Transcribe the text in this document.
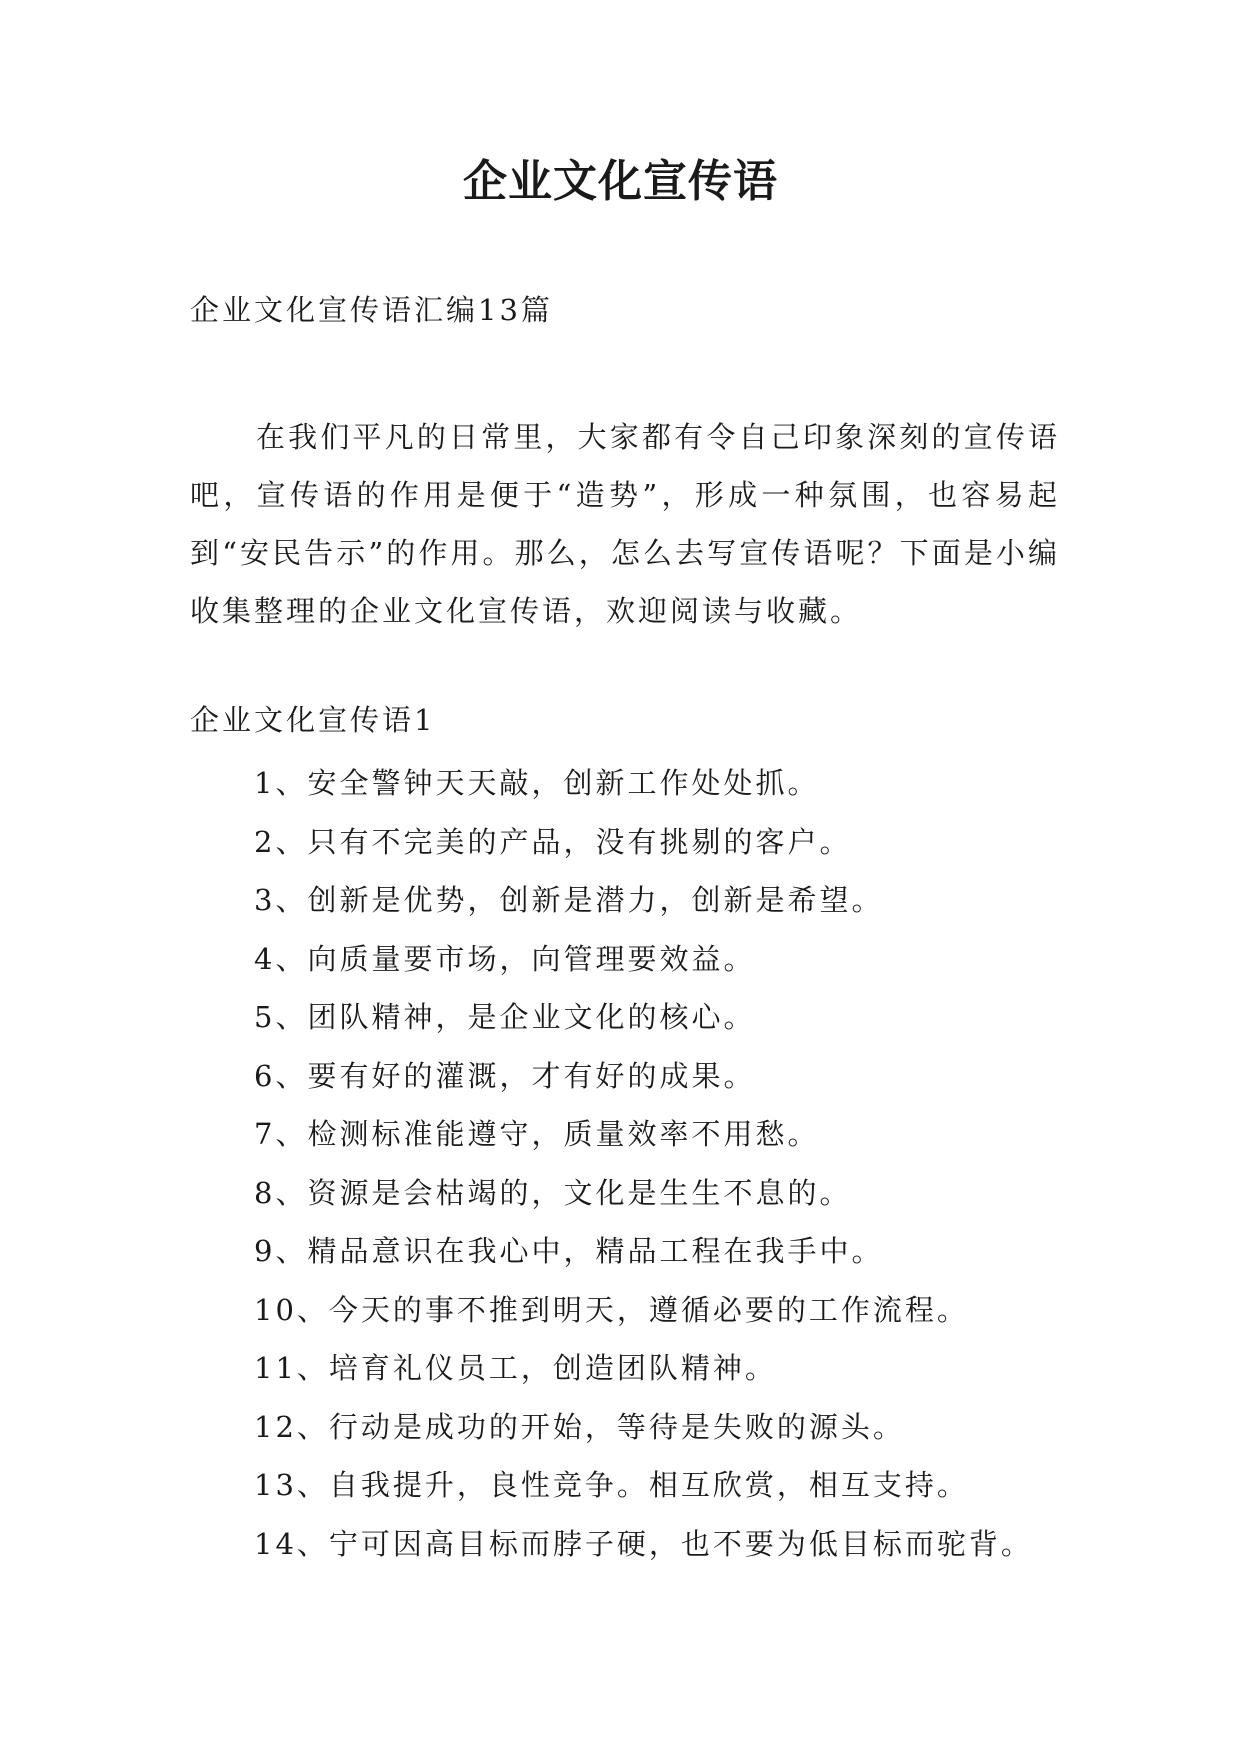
企业文化宣传语
企业文化宣传语汇编13篇

在我们平凡的日常里，大家都有令自己印象深刻的宣传语吧，宣传语的作用是便于“造势”，形成一种氛围，也容易起到“安民告示”的作用。那么，怎么去写宣传语呢？下面是小编收集整理的企业文化宣传语，欢迎阅读与收藏。

企业文化宣传语1
1、安全警钟天天敲，创新工作处处抓。
2、只有不完美的产品，没有挑剔的客户。
3、创新是优势，创新是潜力，创新是希望。
4、向质量要市场，向管理要效益。
5、团队精神，是企业文化的核心。
6、要有好的灌溉，才有好的成果。
7、检测标准能遵守，质量效率不用愁。
8、资源是会枯竭的，文化是生生不息的。
9、精品意识在我心中，精品工程在我手中。
10、今天的事不推到明天，遵循必要的工作流程。
11、培育礼仪员工，创造团队精神。
12、行动是成功的开始，等待是失败的源头。
13、自我提升，良性竞争。相互欣赏，相互支持。
14、宁可因高目标而脖子硬，也不要为低目标而驼背。
